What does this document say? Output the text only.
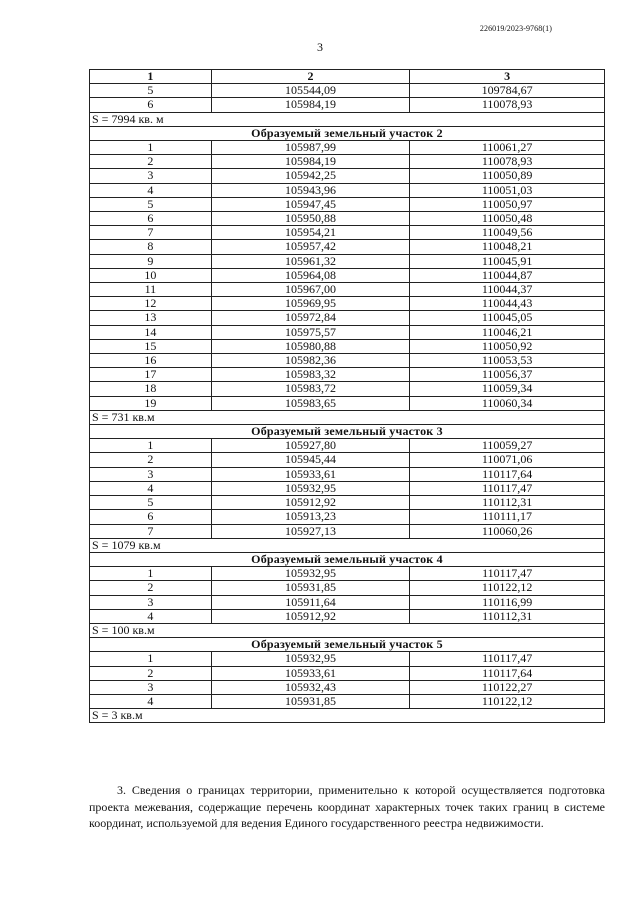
226019/2023-9768(1)
3
1	2	3
5	105544,09	109784,67
6	105984,19	110078,93
S = 7994 кв. м		
Образуемый земельный участок 2		
1	105987,99	110061,27
2	105984,19	110078,93
3	105942,25	110050,89
4	105943,96	110051,03
5	105947,45	110050,97
6	105950,88	110050,48
7	105954,21	110049,56
8	105957,42	110048,21
9	105961,32	110045,91
10	105964,08	110044,87
11	105967,00	110044,37
12	105969,95	110044,43
13	105972,84	110045,05
14	105975,57	110046,21
15	105980,88	110050,92
16	105982,36	110053,53
17	105983,32	110056,37
18	105983,72	110059,34
19	105983,65	110060,34
S = 731 кв.м		
Образуемый земельный участок 3		
1	105927,80	110059,27
2	105945,44	110071,06
3	105933,61	110117,64
4	105932,95	110117,47
5	105912,92	110112,31
6	105913,23	110111,17
7	105927,13	110060,26
S = 1079 кв.м		
Образуемый земельный участок 4		
1	105932,95	110117,47
2	105931,85	110122,12
3	105911,64	110116,99
4	105912,92	110112,31
S = 100 кв.м		
Образуемый земельный участок 5		
1	105932,95	110117,47
2	105933,61	110117,64
3	105932,43	110122,27
4	105931,85	110122,12
S = 3 кв.м		

3. Сведения о границах территории, применительно к которой осуществляется подготовка проекта межевания, содержащие перечень координат характерных точек таких границ в системе координат, используемой для ведения Единого государственного реестра недвижимости.
